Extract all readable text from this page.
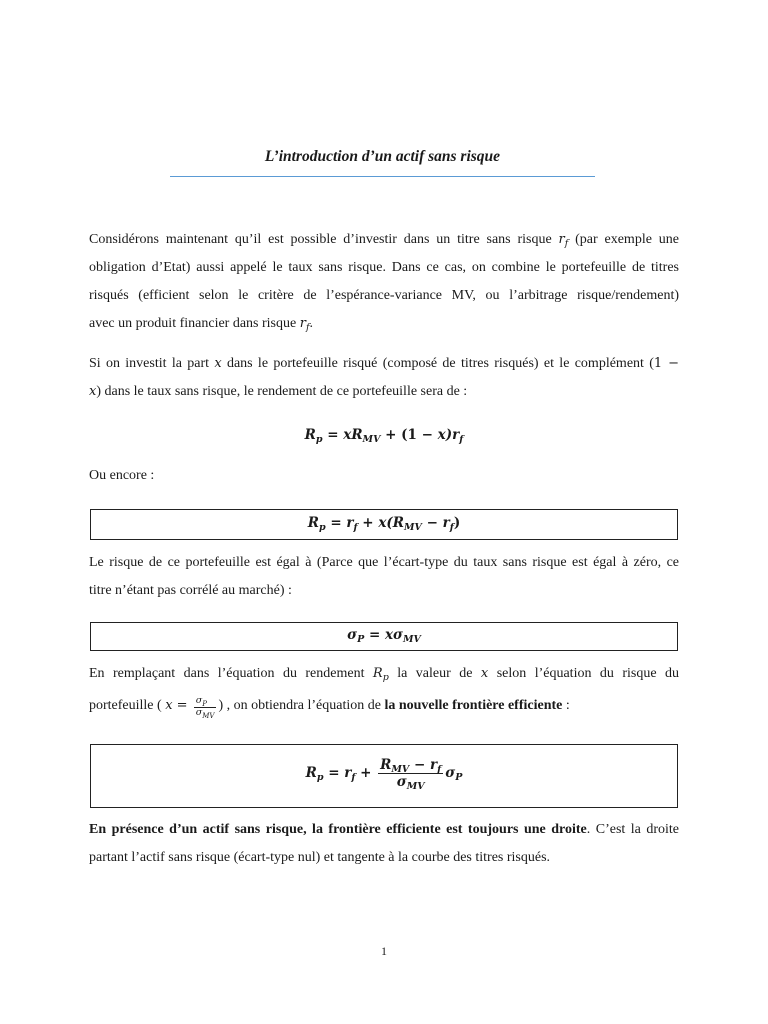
L’introduction d’un actif sans risque
Considérons maintenant qu’il est possible d’investir dans un titre sans risque $r_f$ (par exemple une
obligation d’Etat) aussi appelé le taux sans risque. Dans ce cas, on combine le portefeuille de titres
risqués (efficient selon le critère de l’espérance-variance MV, ou l’arbitrage risque/rendement)
avec un produit financier dans risque $r_f$.
Si on investit la part x dans le portefeuille risqué (composé de titres risqués) et le complément (1 −
x) dans le taux sans risque, le rendement de ce portefeuille sera de :
$R_p = xR_{MV} + (1 - x)r_f$
Ou encore :
$R_p = r_f + x(R_{MV} - r_f)$
Le risque de ce portefeuille est égal à (Parce que l’écart-type du taux sans risque est égal à zéro, ce
titre n’étant pas corrélé au marché) :
$\sigma_P = x\sigma_{MV}$
En remplaçant dans l’équation du rendement $R_p$ la valeur de x selon l’équation du risque du
portefeuille ( $x = \frac{\sigma_P}{\sigma_{MV}}$ ) , on obtiendra l’équation de la nouvelle frontière efficiente :
$R_p = r_f + \frac{R_{MV} - r_f}{\sigma_{MV}} \sigma_P$
En présence d’un actif sans risque, la frontière efficiente est toujours une droite. C’est la droite
partant l’actif sans risque (écart-type nul) et tangente à la courbe des titres risqués.
1
